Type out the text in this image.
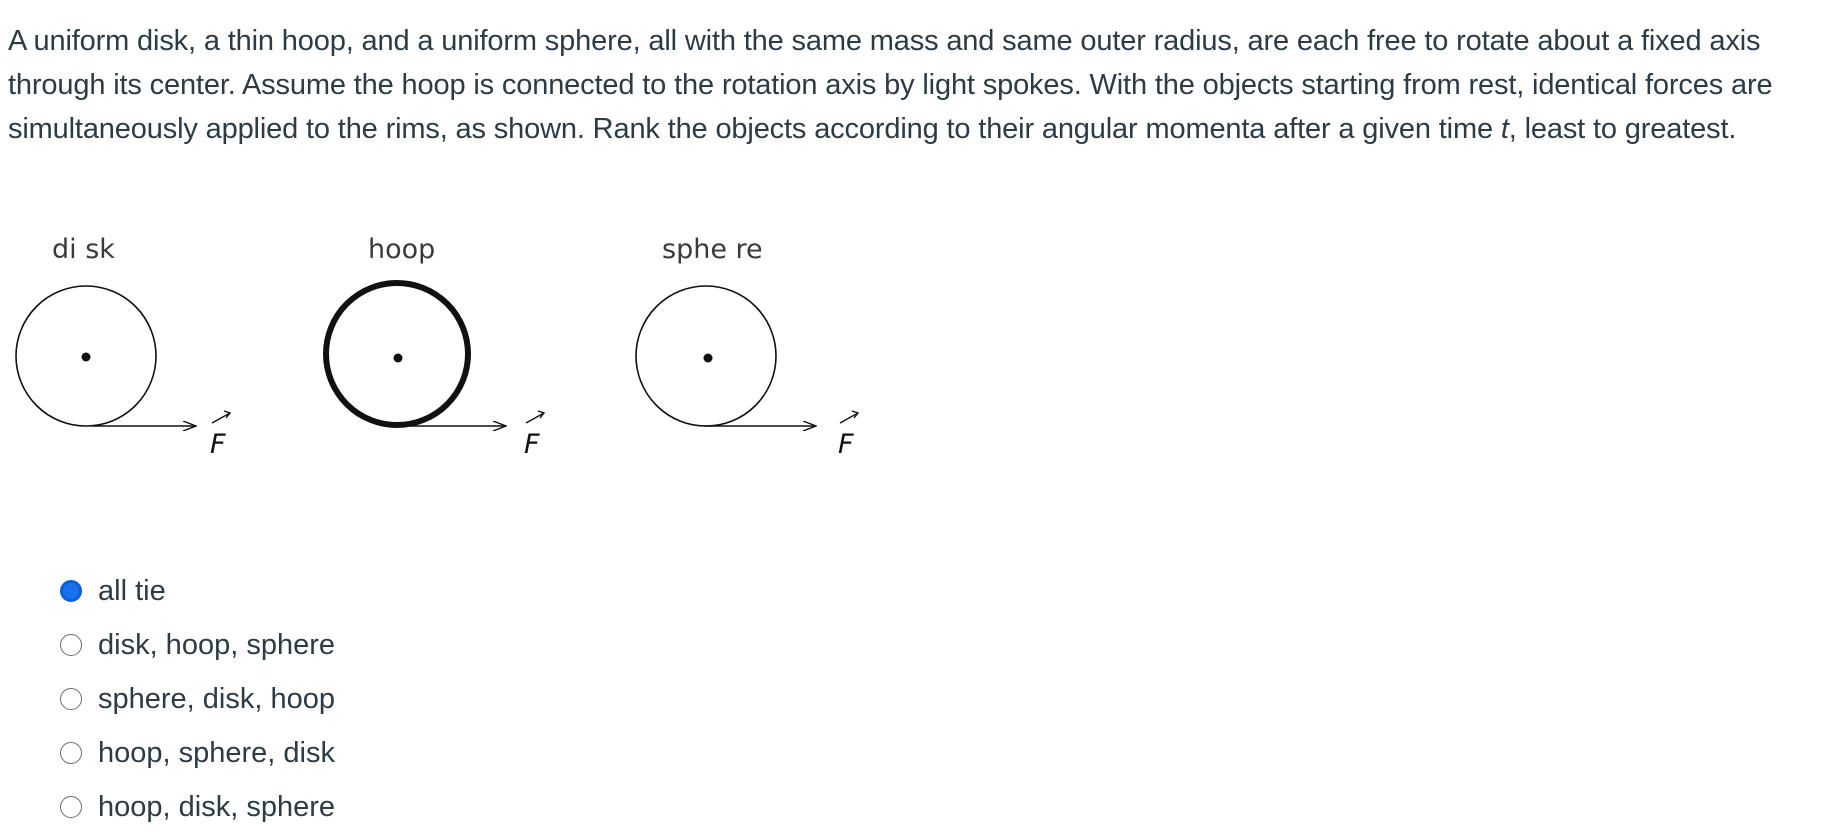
A uniform disk, a thin hoop, and a uniform sphere, all with the same mass and same outer radius, are each free to rotate about a fixed axis through its center. Assume the hoop is connected to the rotation axis by light spokes. With the objects starting from rest, identical forces are simultaneously applied to the rims, as shown. Rank the objects according to their angular momenta after a given time t, least to greatest.
di sk
F
hoop
F
sphe re
F
all tie
disk, hoop, sphere
sphere, disk, hoop
hoop, sphere, disk
hoop, disk, sphere
